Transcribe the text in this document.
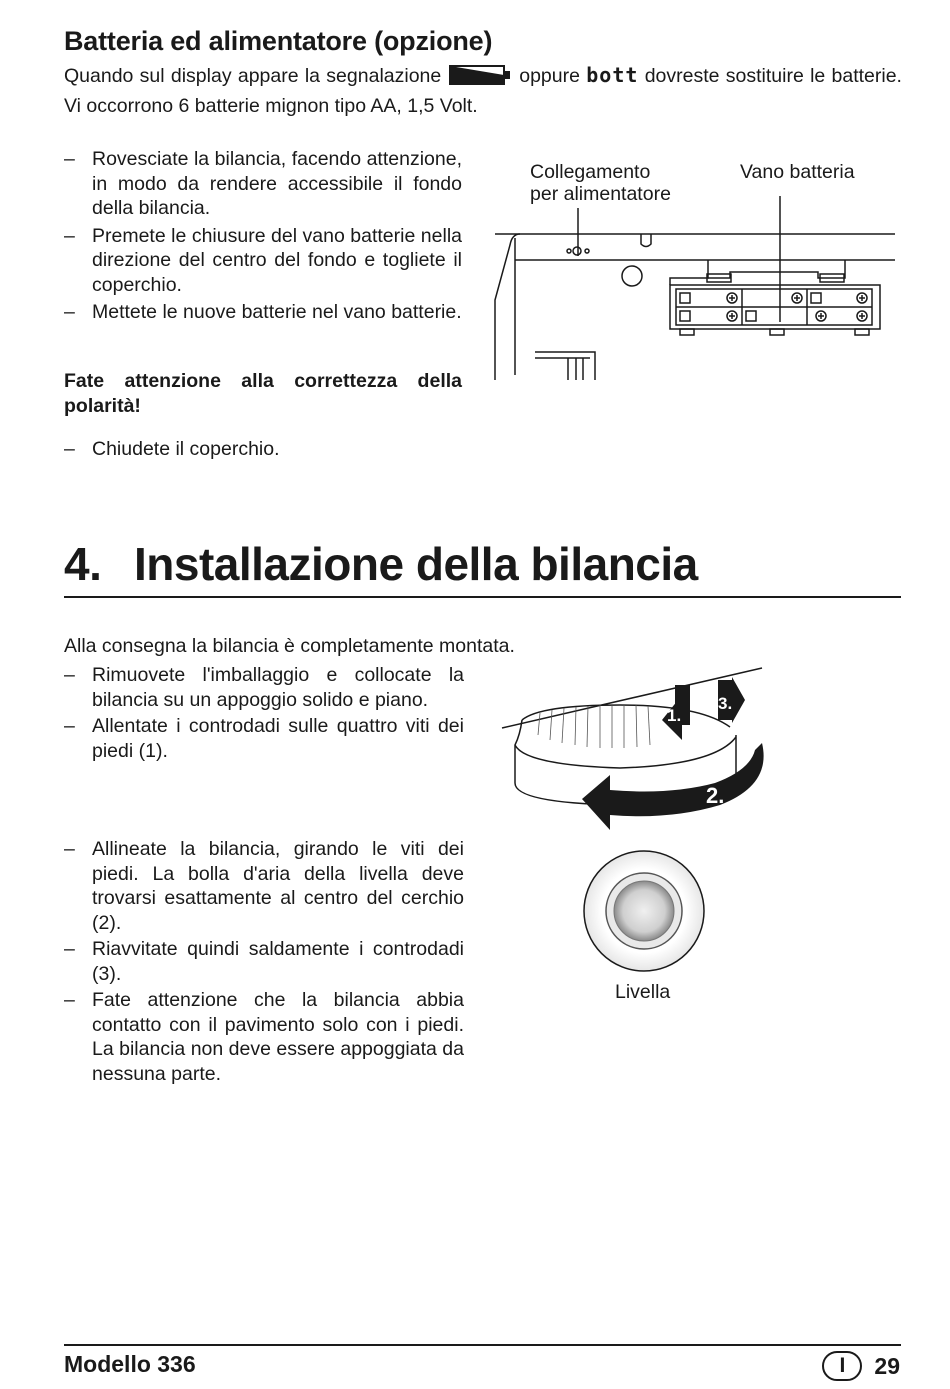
Batteria ed alimentatore (opzione)
Quando sul display appare la segnalazione	oppure bott dovreste sostituire le batterie. Vi occorrono 6 batterie mignon tipo AA, 1,5 Volt.
– Rovesciate la bilancia, facendo attenzione, in modo da rendere accessibile il fondo della bilancia.
– Premete le chiusure del vano batterie nella direzione del centro del fondo e togliete il coperchio.
– Mettete le nuove batterie nel vano batterie.
Fate attenzione alla correttezza della polarità!
– Chiudete il coperchio.
Collegamento
per alimentatore
Vano batteria
4. Installazione della bilancia
Alla consegna la bilancia è completamente montata.
– Rimuovete l'imballaggio e collocate la bilancia su un appoggio solido e piano.
– Allentate i controdadi sulle quattro viti dei piedi (1).
– Allineate la bilancia, girando le viti dei piedi. La bolla d'aria della livella deve trovarsi esattamente al centro del cerchio (2).
– Riavvitate quindi saldamente i controdadi (3).
– Fate attenzione che la bilancia abbia contatto con il pavimento solo con i piedi. La bilancia non deve essere appoggiata da nessuna parte.
1.
3.
2.
Livella
Modello 336	I	29
